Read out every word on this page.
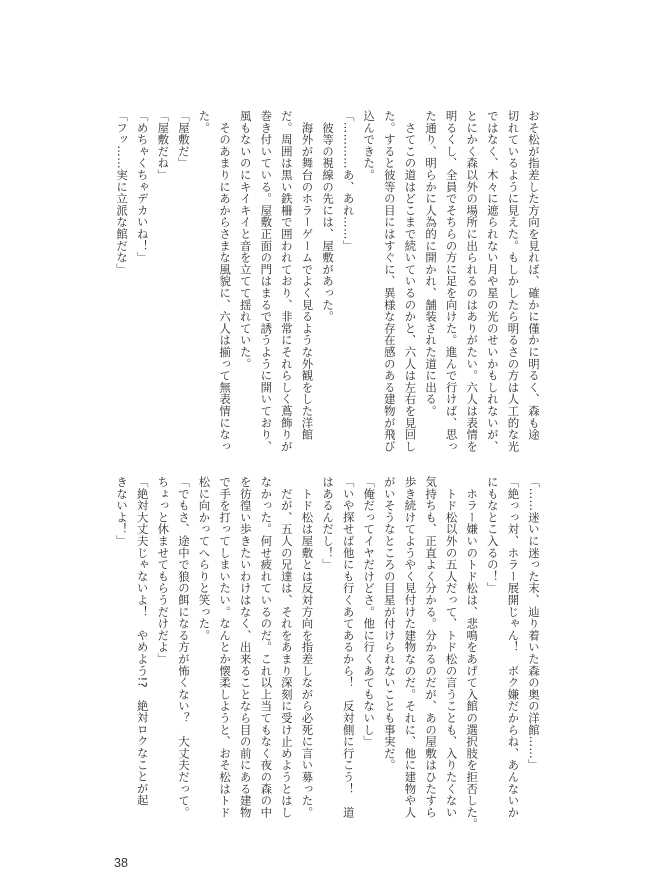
おそ松が指差した方向を見れば、確かに僅かに明るく、森も途
切れているように見えた。もしかしたら明るさの方は人工的な光
ではなく、木々に遮られない月や星の光のせいかもしれないが、
とにかく森以外の場所に出られるのはありがたい。六人は表情を
明るくし、全員でそちらの方に足を向けた。進んで行けば、思っ
た通り、明らかに人為的に開かれ、舗装された道に出る。
　さてこの道はどこまで続いているのかと、六人は左右を見回し
た。すると彼等の目にはすぐに、異様な存在感のある建物が飛び
込んできた。
「…………あ、あれ……」
　彼等の視線の先には、屋敷があった。
　海外が舞台のホラーゲームでよく見るような外観をした洋館
だ。周囲は黒い鉄柵で囲われており、非常にそれらしく蔦飾りが
巻き付いている。屋敷正面の門はまるで誘うように開いており、
風もないのにキイキイと音を立てて揺れていた。
　そのあまりにあからさまな風貌に、六人は揃って無表情になっ
た。
「屋敷だ」
「屋敷だね」
「めちゃくちゃデカいね！」
「フッ……実に立派な館だな」
「……迷いに迷った末、辿り着いた森の奥の洋館……」
「絶っっ対、ホラー展開じゃん！　ボク嫌だからね、あんないか
にもなとこ入るの！」
　ホラー嫌いのトド松は、悲鳴をあげて入館の選択肢を拒否した。
　トド松以外の五人だって、トド松の言うことも、入りたくない
気持ちも、正直よく分かる。分かるのだが、あの屋敷はひたすら
歩き続けてようやく見付けた建物なのだ。それに、他に建物や人
がいそうなところの目星が付けられないことも事実だ。
「俺だってイヤだけどさ。他に行くあてもないし」
「いや探せば他にも行くあてあるから！　反対側に行こう！　道
はあるんだし！」
　トド松は屋敷とは反対方向を指差しながら必死に言い募った。
　だが、五人の兄達は、それをあまり深刻に受け止めようとはし
なかった。何せ疲れているのだ。これ以上当てもなく夜の森の中
を彷徨い歩きたいわけはなく、出来ることなら目の前にある建物
で手を打ってしまいたい。なんとか懐柔しようと、おそ松はトド
松に向かってへらりと笑った。
「でもさ、途中で狼の餌になる方が怖くない？　大丈夫だって。
ちょっと休ませてもらうだけだよ」
「絶対大丈夫じゃないよ！　やめよう!?　絶対ロクなことが起
きないよ！」
38
